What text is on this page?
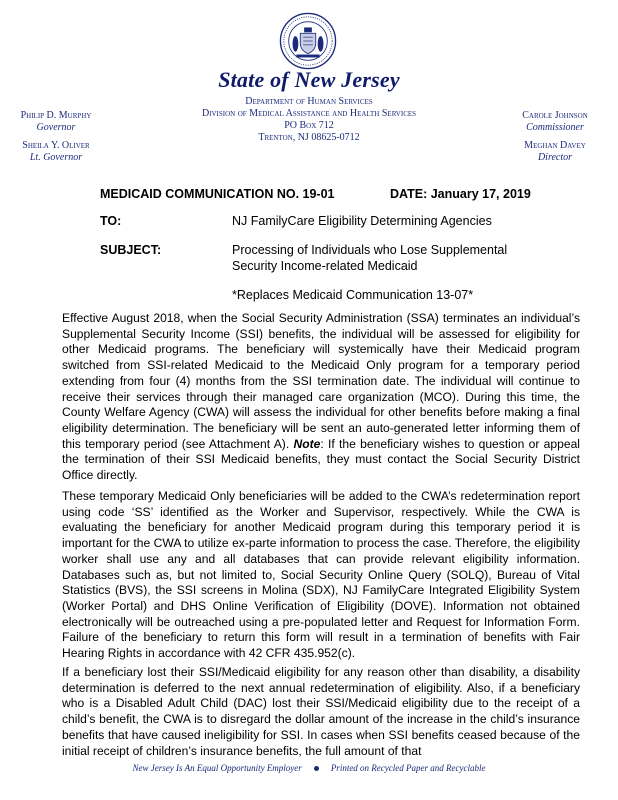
State of New Jersey
Department of Human Services
Division of Medical Assistance and Health Services
PO Box 712
Trenton, NJ 08625-0712
Philip D. Murphy
Governor
Sheila Y. Oliver
Lt. Governor
Carole Johnson
Commissioner
Meghan Davey
Director
MEDICAID COMMUNICATION NO. 19-01	DATE: January 17, 2019
TO:	NJ FamilyCare Eligibility Determining Agencies
SUBJECT:	Processing of Individuals who Lose Supplemental Security Income-related Medicaid
*Replaces Medicaid Communication 13-07*
Effective August 2018, when the Social Security Administration (SSA) terminates an individual’s Supplemental Security Income (SSI) benefits, the individual will be assessed for eligibility for other Medicaid programs. The beneficiary will systemically have their Medicaid program switched from SSI-related Medicaid to the Medicaid Only program for a temporary period extending from four (4) months from the SSI termination date. The individual will continue to receive their services through their managed care organization (MCO). During this time, the County Welfare Agency (CWA) will assess the individual for other benefits before making a final eligibility determination. The beneficiary will be sent an auto-generated letter informing them of this temporary period (see Attachment A). Note: If the beneficiary wishes to question or appeal the termination of their SSI Medicaid benefits, they must contact the Social Security District Office directly.
These temporary Medicaid Only beneficiaries will be added to the CWA’s redetermination report using code ‘SS’ identified as the Worker and Supervisor, respectively. While the CWA is evaluating the beneficiary for another Medicaid program during this temporary period it is important for the CWA to utilize ex-parte information to process the case. Therefore, the eligibility worker shall use any and all databases that can provide relevant eligibility information. Databases such as, but not limited to, Social Security Online Query (SOLQ), Bureau of Vital Statistics (BVS), the SSI screens in Molina (SDX), NJ FamilyCare Integrated Eligibility System (Worker Portal) and DHS Online Verification of Eligibility (DOVE). Information not obtained electronically will be outreached using a pre-populated letter and Request for Information Form. Failure of the beneficiary to return this form will result in a termination of benefits with Fair Hearing Rights in accordance with 42 CFR 435.952(c).
If a beneficiary lost their SSI/Medicaid eligibility for any reason other than disability, a disability determination is deferred to the next annual redetermination of eligibility. Also, if a beneficiary who is a Disabled Adult Child (DAC) lost their SSI/Medicaid eligibility due to the receipt of a child’s benefit, the CWA is to disregard the dollar amount of the increase in the child’s insurance benefits that have caused ineligibility for SSI. In cases when SSI benefits ceased because of the initial receipt of children’s insurance benefits, the full amount of that
New Jersey Is An Equal Opportunity Employer	Printed on Recycled Paper and Recyclable
